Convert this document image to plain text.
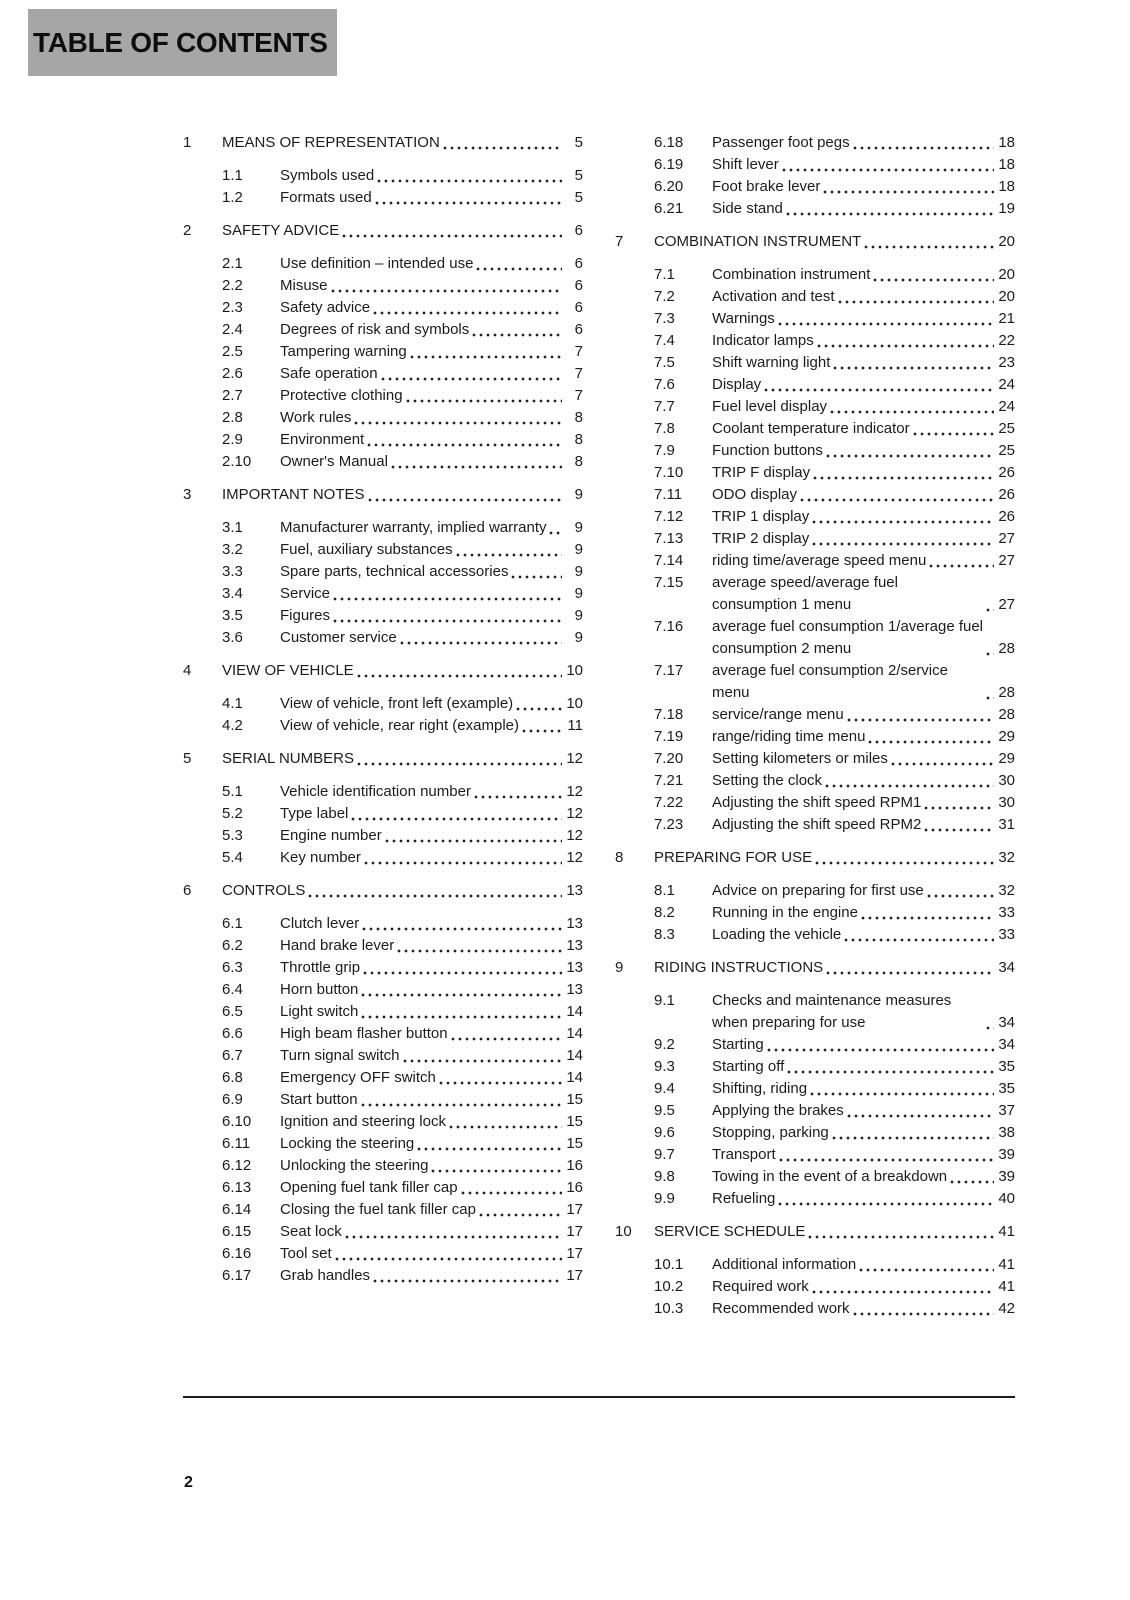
TABLE OF CONTENTS
1	MEANS OF REPRESENTATION	5
1.1	Symbols used	5
1.2	Formats used	5
2	SAFETY ADVICE	6
2.1	Use definition – intended use	6
2.2	Misuse	6
2.3	Safety advice	6
2.4	Degrees of risk and symbols	6
2.5	Tampering warning	7
2.6	Safe operation	7
2.7	Protective clothing	7
2.8	Work rules	8
2.9	Environment	8
2.10	Owner's Manual	8
3	IMPORTANT NOTES	9
3.1	Manufacturer warranty, implied warranty	9
3.2	Fuel, auxiliary substances	9
3.3	Spare parts, technical accessories	9
3.4	Service	9
3.5	Figures	9
3.6	Customer service	9
4	VIEW OF VEHICLE	10
4.1	View of vehicle, front left (example)	10
4.2	View of vehicle, rear right (example)	11
5	SERIAL NUMBERS	12
5.1	Vehicle identification number	12
5.2	Type label	12
5.3	Engine number	12
5.4	Key number	12
6	CONTROLS	13
6.1	Clutch lever	13
6.2	Hand brake lever	13
6.3	Throttle grip	13
6.4	Horn button	13
6.5	Light switch	14
6.6	High beam flasher button	14
6.7	Turn signal switch	14
6.8	Emergency OFF switch	14
6.9	Start button	15
6.10	Ignition and steering lock	15
6.11	Locking the steering	15
6.12	Unlocking the steering	16
6.13	Opening fuel tank filler cap	16
6.14	Closing the fuel tank filler cap	17
6.15	Seat lock	17
6.16	Tool set	17
6.17	Grab handles	17
6.18	Passenger foot pegs	18
6.19	Shift lever	18
6.20	Foot brake lever	18
6.21	Side stand	19
7	COMBINATION INSTRUMENT	20
7.1	Combination instrument	20
7.2	Activation and test	20
7.3	Warnings	21
7.4	Indicator lamps	22
7.5	Shift warning light	23
7.6	Display	24
7.7	Fuel level display	24
7.8	Coolant temperature indicator	25
7.9	Function buttons	25
7.10	TRIP F display	26
7.11	ODO display	26
7.12	TRIP 1 display	26
7.13	TRIP 2 display	27
7.14	riding time/average speed menu	27
7.15	average speed/average fuel consumption 1 menu	27
7.16	average fuel consumption 1/average fuel consumption 2 menu	28
7.17	average fuel consumption 2/service menu	28
7.18	service/range menu	28
7.19	range/riding time menu	29
7.20	Setting kilometers or miles	29
7.21	Setting the clock	30
7.22	Adjusting the shift speed RPM1	30
7.23	Adjusting the shift speed RPM2	31
8	PREPARING FOR USE	32
8.1	Advice on preparing for first use	32
8.2	Running in the engine	33
8.3	Loading the vehicle	33
9	RIDING INSTRUCTIONS	34
9.1	Checks and maintenance measures when preparing for use	34
9.2	Starting	34
9.3	Starting off	35
9.4	Shifting, riding	35
9.5	Applying the brakes	37
9.6	Stopping, parking	38
9.7	Transport	39
9.8	Towing in the event of a breakdown	39
9.9	Refueling	40
10	SERVICE SCHEDULE	41
10.1	Additional information	41
10.2	Required work	41
10.3	Recommended work	42
2
